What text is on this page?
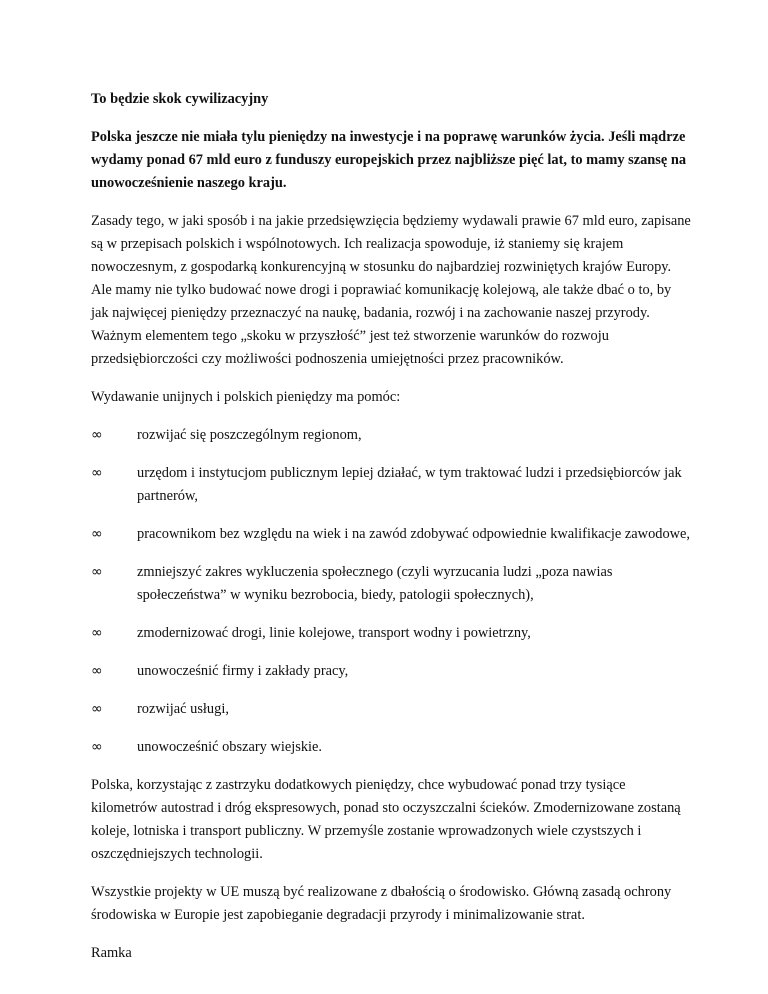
To będzie skok cywilizacyjny

Polska jeszcze nie miała tylu pieniędzy na inwestycje i na poprawę warunków życia. Jeśli mądrze wydamy ponad 67 mld euro z funduszy europejskich przez najbliższe pięć lat, to mamy szansę na unowocześnienie naszego kraju.

Zasady tego, w jaki sposób i na jakie przedsięwzięcia będziemy wydawali prawie 67 mld euro, zapisane są w przepisach polskich i wspólnotowych. Ich realizacja spowoduje, iż staniemy się krajem nowoczesnym, z gospodarką konkurencyjną w stosunku do najbardziej rozwiniętych krajów Europy. Ale mamy nie tylko budować nowe drogi i poprawiać komunikację kolejową, ale także dbać o to, by jak najwięcej pieniędzy przeznaczyć na naukę, badania, rozwój i na zachowanie naszej przyrody. Ważnym elementem tego „skoku w przyszłość” jest też stworzenie warunków do rozwoju przedsiębiorczości czy możliwości podnoszenia umiejętności przez pracowników.

Wydawanie unijnych i polskich pieniędzy ma pomóc:

∞	rozwijać się poszczególnym regionom,
∞	urzędom i instytucjom publicznym lepiej działać, w tym traktować ludzi i przedsiębiorców jak partnerów,
∞	pracownikom bez względu na wiek i na zawód zdobywać odpowiednie kwalifikacje zawodowe,
∞	zmniejszyć zakres wykluczenia społecznego (czyli wyrzucania ludzi „poza nawias społeczeństwa” w wyniku bezrobocia, biedy, patologii społecznych),
∞	zmodernizować drogi, linie kolejowe, transport wodny i powietrzny,
∞	unowocześnić firmy i zakłady pracy,
∞	rozwijać usługi,
∞	unowocześnić obszary wiejskie.

Polska, korzystając z zastrzyku dodatkowych pieniędzy, chce wybudować ponad trzy tysiące kilometrów autostrad i dróg ekspresowych, ponad sto oczyszczalni ścieków. Zmodernizowane zostaną koleje, lotniska i transport publiczny. W przemyśle zostanie wprowadzonych wiele czystszych i oszczędniejszych technologii.

Wszystkie projekty w UE muszą być realizowane z dbałością o środowisko. Główną zasadą ochrony środowiska w Europie jest zapobieganie degradacji przyrody i minimalizowanie strat.

Ramka
